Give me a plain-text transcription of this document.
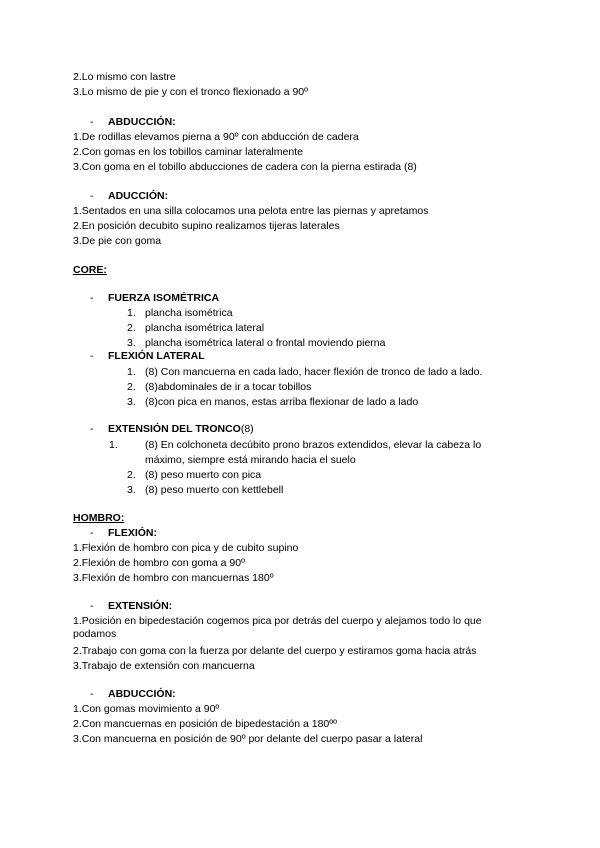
2.Lo mismo con lastre
3.Lo mismo de pie y con el tronco flexionado a 90º
- ABDUCCIÓN:
1.De rodillas elevamos pierna a 90º con abducción de cadera
2.Con gomas en los tobillos caminar lateralmente
3.Con goma en el tobillo abducciones de cadera con la pierna estirada (8)
- ADUCCIÓN:
1.Sentados en una silla colocamos una pelota entre las piernas y apretamos
2.En posición decubito supino realizamos tijeras laterales
3.De pie con goma
CORE:
- FUERZA ISOMÉTRICA
1. plancha isométrica
2. plancha isométrica lateral
3. plancha isométrica lateral o frontal moviendo pierna
- FLEXIÓN LATERAL
1. (8) Con mancuerna en cada lado, hacer flexión de tronco de lado a lado.
2. (8)abdominales de ir a tocar tobillos
3. (8)con pica en manos, estas arriba flexionar de lado a lado
- EXTENSIÓN DEL TRONCO(8)
1.	(8) En colchoneta decúbito prono brazos extendidos, elevar la cabeza lo máximo, siempre está mirando hacia el suelo
2. (8) peso muerto con pica
3. (8) peso muerto con kettlebell
HOMBRO:
- FLEXIÓN:
1.Flexión de hombro con pica y de cubito supino
2.Flexión de hombro con goma a 90º
3.Flexión de hombro con mancuernas 180º
- EXTENSIÓN:
1.Posición en bipedestación cogemos pica por detrás del cuerpo y alejamos todo lo que podamos
2.Trabajo con goma con la fuerza por delante del cuerpo y estiramos goma hacia atrás
3.Trabajo de extensión con mancuerna
- ABDUCCIÓN:
1.Con gomas movimiento a 90º
2.Con mancuernas en posición de bipedestación a 180ºº
3.Con mancuerna en posición de 90º por delante del cuerpo pasar a lateral
